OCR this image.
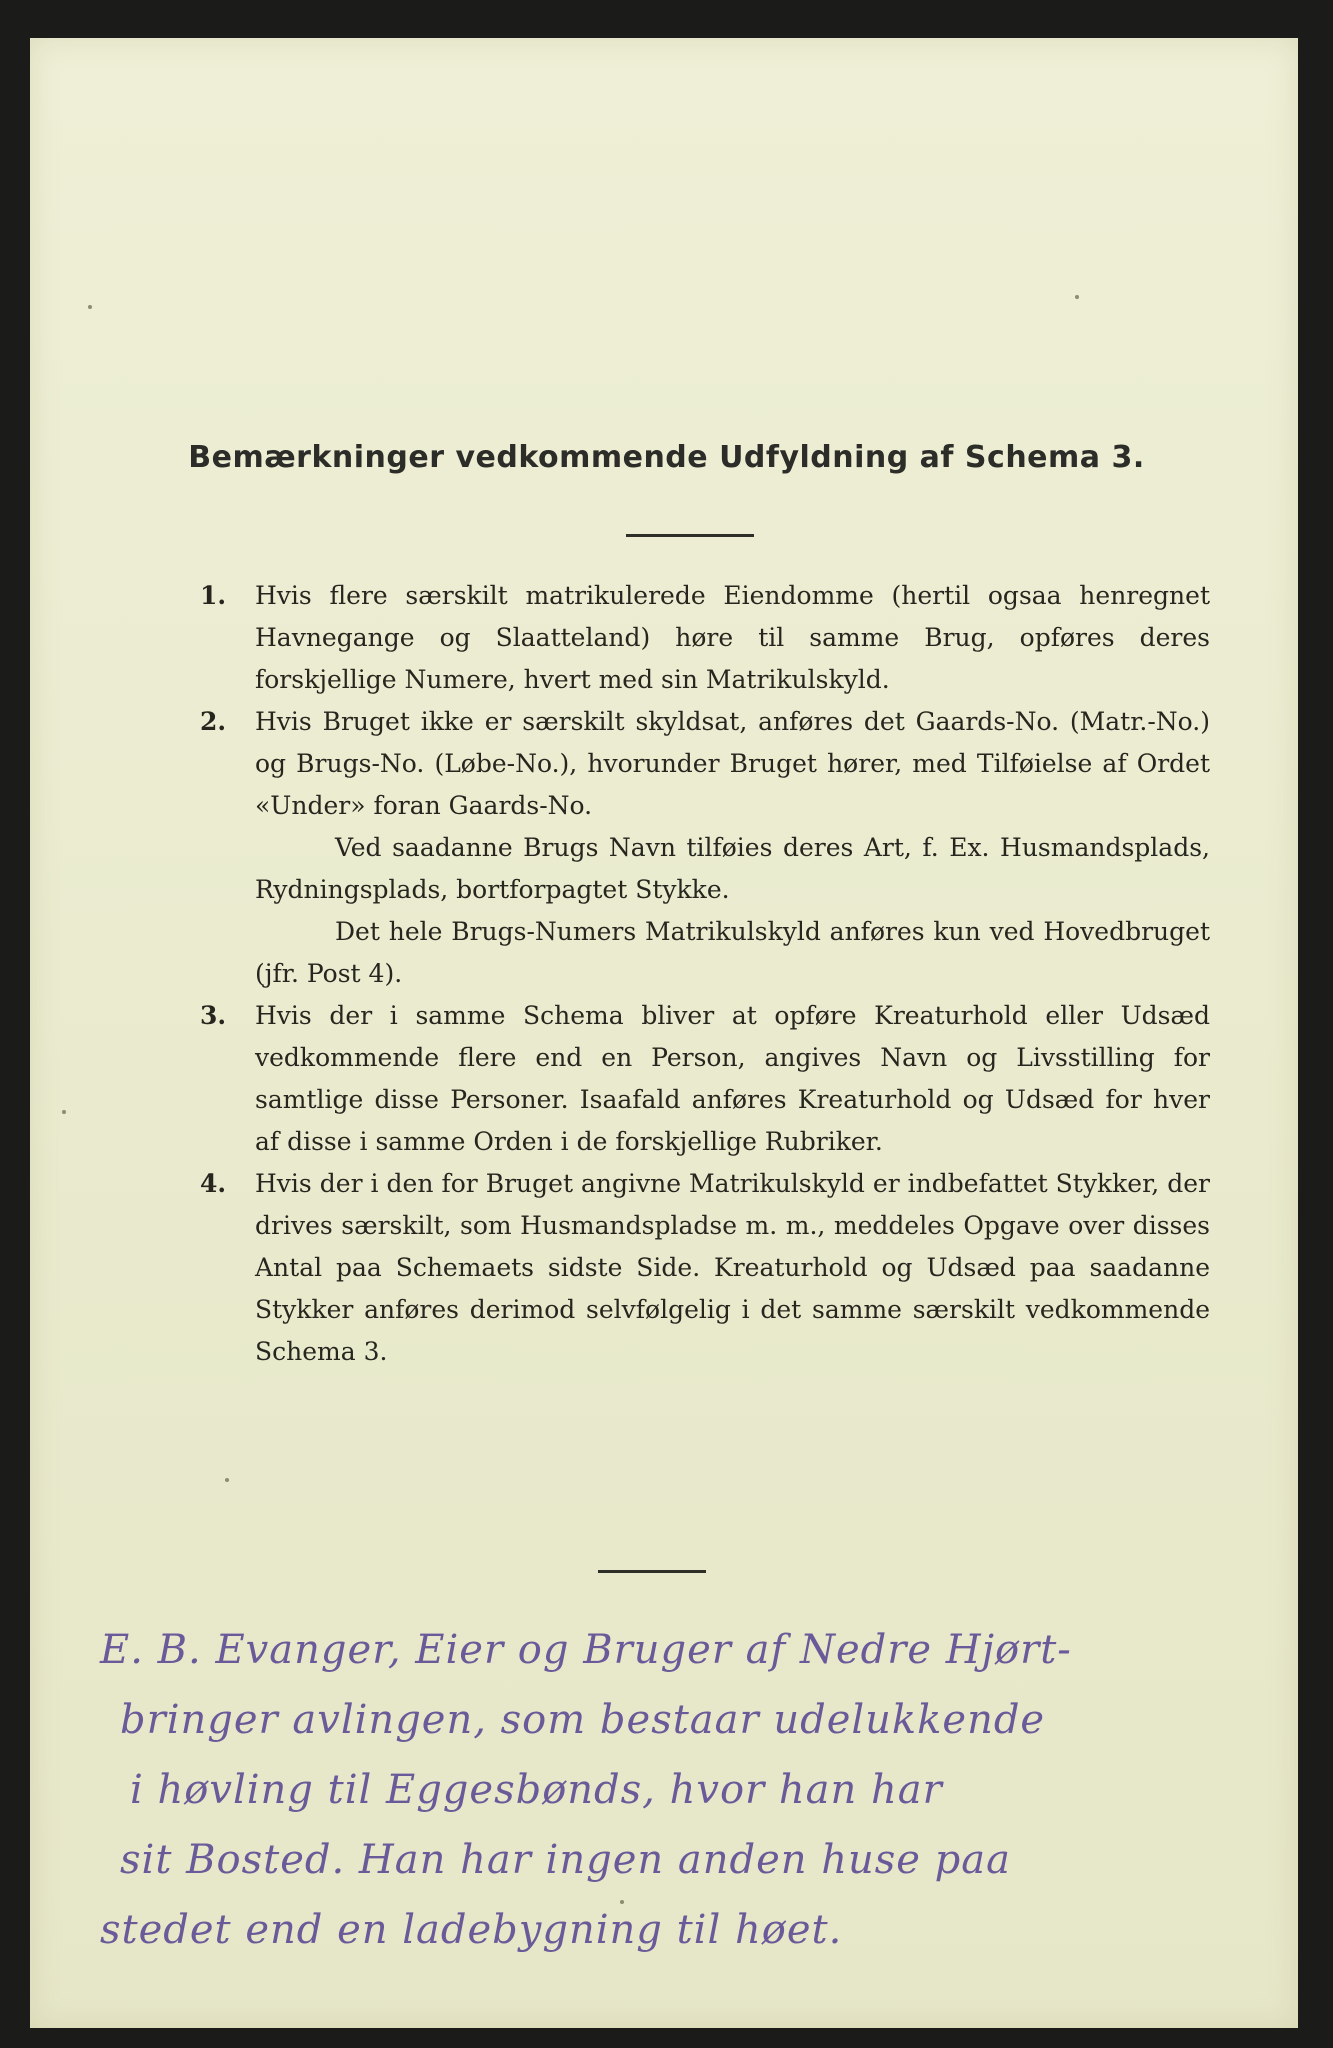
Bemærkninger vedkommende Udfyldning af Schema 3.
1. Hvis flere særskilt matrikulerede Eiendomme (hertil ogsaa henregnet Havnegange og Slaatteland) høre til samme Brug, opføres deres forskjellige Numere, hvert med sin Matrikulskyld.

2. Hvis Bruget ikke er særskilt skyldsat, anføres det Gaards-No. (Matr.-No.) og Brugs-No. (Løbe-No.), hvorunder Bruget hører, med Tilføielse af Ordet «Under» foran Gaards-No.

Ved saadanne Brugs Navn tilføies deres Art, f. Ex. Husmandsplads, Rydningsplads, bortforpagtet Stykke.

Det hele Brugs-Numers Matrikulskyld anføres kun ved Hovedbruget (jfr. Post 4).

3. Hvis der i samme Schema bliver at opføre Kreaturhold eller Udsæd vedkommende flere end en Person, angives Navn og Livsstilling for samtlige disse Personer. Isaafald anføres Kreaturhold og Udsæd for hver af disse i samme Orden i de forskjellige Rubriker.

4. Hvis der i den for Bruget angivne Matrikulskyld er indbefattet Stykker, der drives særskilt, som Husmandspladse m. m., meddeles Opgave over disses Antal paa Schemaets sidste Side. Kreaturhold og Udsæd paa saadanne Stykker anføres derimod selvfølgelig i det samme særskilt vedkommende Schema 3.

E. B. Evanger, Eier og Bruger af Nedre Hjørt-
bringer avlingen, som bestaar udelukkende
i høvling til Eggesbønds, hvor han har
sit Bosted. Han har ingen anden huse paa
stedet end en ladebygning til høet.
